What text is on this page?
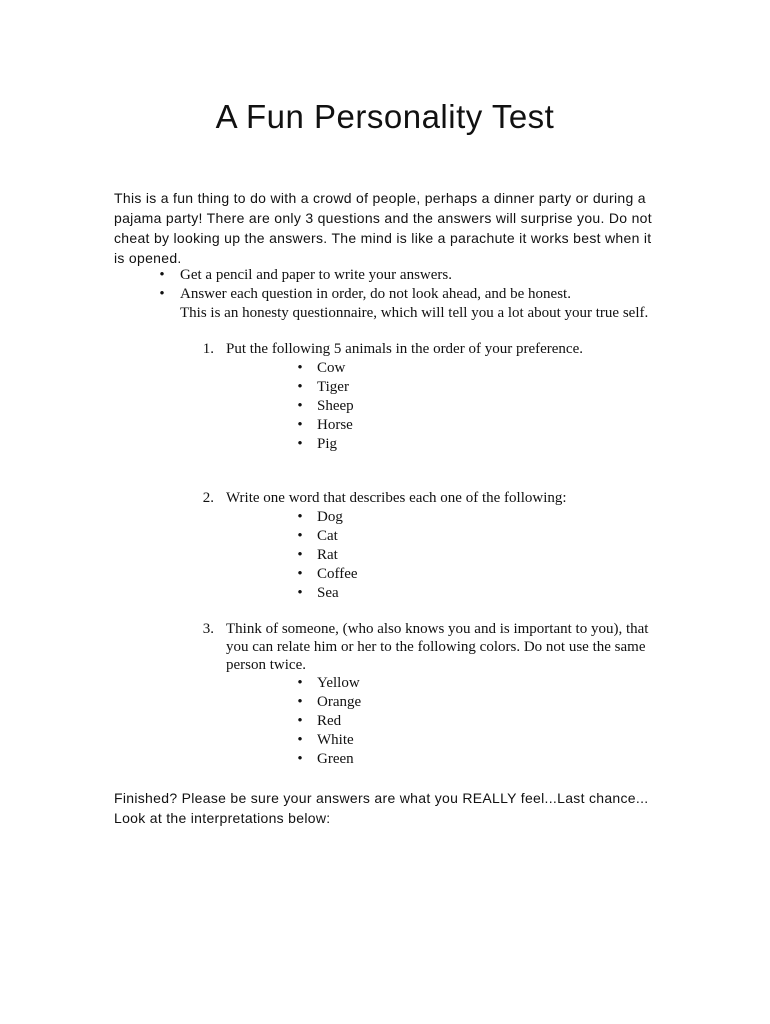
A Fun Personality Test

This is a fun thing to do with a crowd of people, perhaps a dinner party or during a pajama party! There are only 3 questions and the answers will surprise you. Do not cheat by looking up the answers. The mind is like a parachute it works best when it is opened.

•	Get a pencil and paper to write your answers.
•	Answer each question in order, do not look ahead, and be honest.
This is an honesty questionnaire, which will tell you a lot about your true self.
1. Put the following 5 animals in the order of your preference.
• Cow
• Tiger
• Sheep
• Horse
• Pig
2. Write one word that describes each one of the following:
• Dog
• Cat
• Rat
• Coffee
• Sea
3. Think of someone, (who also knows you and is important to you), that
you can relate him or her to the following colors. Do not use the same
person twice.
• Yellow
• Orange
• Red
• White
• Green
Finished? Please be sure your answers are what you REALLY feel...Last chance...
Look at the interpretations below:
